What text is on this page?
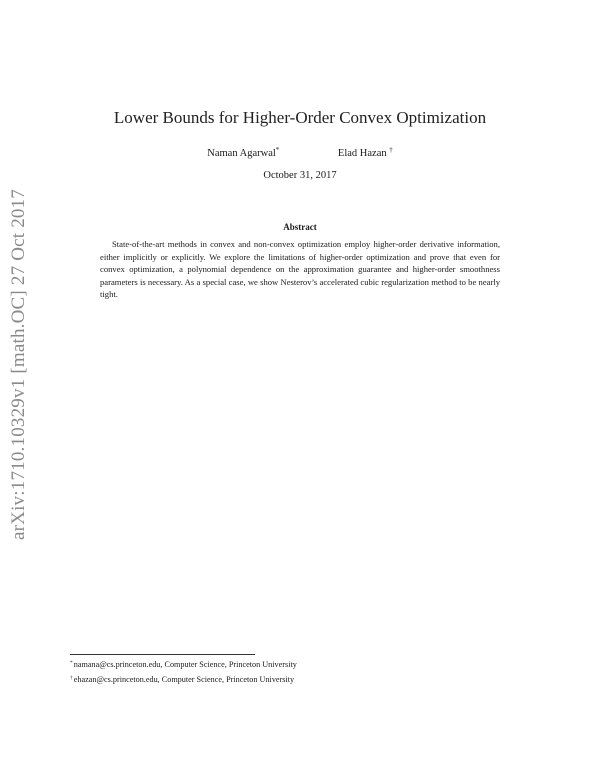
arXiv:1710.10329v1 [math.OC] 27 Oct 2017
Lower Bounds for Higher-Order Convex Optimization
Naman Agarwal*	Elad Hazan †
October 31, 2017
Abstract
State-of-the-art methods in convex and non-convex optimization employ higher-order derivative information, either implicitly or explicitly. We explore the limitations of higher-order optimization and prove that even for convex optimization, a polynomial dependence on the approximation guarantee and higher-order smoothness parameters is necessary. As a special case, we show Nesterov’s accelerated cubic regularization method to be nearly tight.
*namana@cs.princeton.edu, Computer Science, Princeton University
†ehazan@cs.princeton.edu, Computer Science, Princeton University
